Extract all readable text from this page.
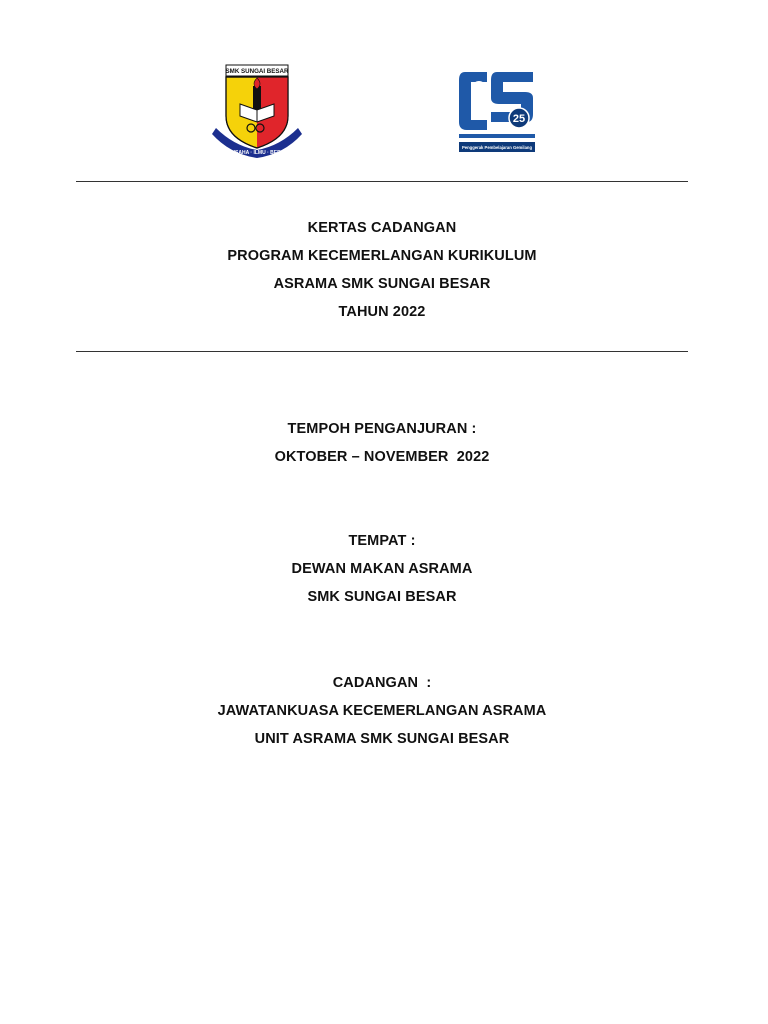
SMK SUNGAI BESAR
BERUSAHA · ILMU · BERJAYA
25
Penggerak Pembelajaran Gemilang
KERTAS CADANGAN
PROGRAM KECEMERLANGAN KURIKULUM
ASRAMA SMK SUNGAI BESAR
TAHUN 2022
TEMPOH PENGANJURAN :
OKTOBER – NOVEMBER  2022
TEMPAT :
DEWAN MAKAN ASRAMA
SMK SUNGAI BESAR
CADANGAN  :
JAWATANKUASA KECEMERLANGAN ASRAMA
UNIT ASRAMA SMK SUNGAI BESAR
